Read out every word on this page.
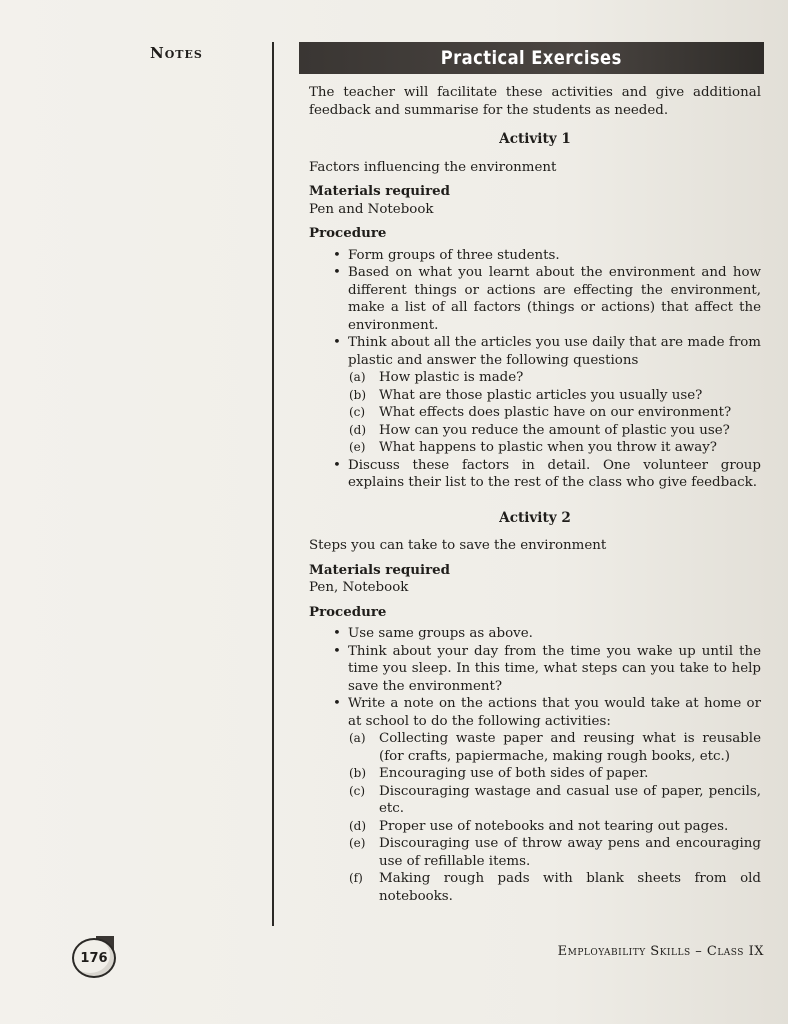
Notes	Practical Exercises

The teacher will facilitate these activities and give additional feedback and summarise for the students as needed.

Activity 1

Factors influencing the environment

Materials required

Pen and Notebook

Procedure

• Form groups of three students.
• Based on what you learnt about the environment and how different things or actions are effecting the environment, make a list of all factors (things or actions) that affect the environment.
• Think about all the articles you use daily that are made from plastic and answer the following questions
(a) How plastic is made?
(b) What are those plastic articles you usually use?
(c) What effects does plastic have on our environment?
(d) How can you reduce the amount of plastic you use?
(e) What happens to plastic when you throw it away?
• Discuss these factors in detail. One volunteer group explains their list to the rest of the class who give feedback.
Activity 2

Steps you can take to save the environment

Materials required

Pen, Notebook

Procedure

• Use same groups as above.
• Think about your day from the time you wake up until the time you sleep. In this time, what steps can you take to help save the environment?
• Write a note on the actions that you would take at home or at school to do the following activities:
(a) Collecting waste paper and reusing what is reusable (for crafts, papiermache, making rough books, etc.)
(b) Encouraging use of both sides of paper.
(c) Discouraging wastage and casual use of paper, pencils, etc.
(d) Proper use of notebooks and not tearing out pages.
(e) Discouraging use of throw away pens and encouraging use of refillable items.
(f) Making rough pads with blank sheets from old notebooks.
176	Employability Skills – Class IX
